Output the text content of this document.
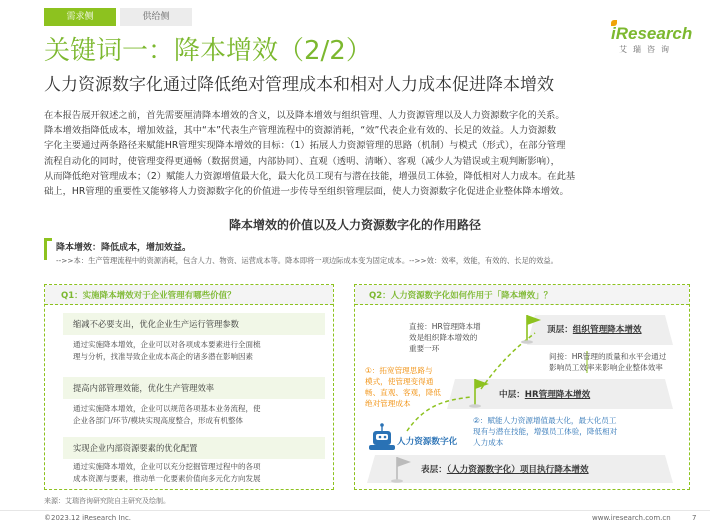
需求侧	供给侧
iResearch
艾瑞咨询
关键词一：降本增效（2/2）
人力资源数字化通过降低绝对管理成本和相对人力成本促进降本增效
在本报告展开叙述之前，首先需要厘清降本增效的含义，以及降本增效与组织管理、人力资源管理以及人力资源数字化的关系。
降本增效指降低成本，增加效益，其中“本”代表生产管理流程中的资源消耗，“效”代表企业有效的、长足的效益。人力资源数
字化主要通过两条路径来赋能HR管理实现降本增效的目标：（1）拓展人力资源管理的思路（机制）与模式（形式），在部分管理
流程自动化的同时，使管理变得更通畅（数据贯通，内部协同）、直观（透明、清晰）、客观（减少人为错误或主观判断影响），
从而降低绝对管理成本；（2）赋能人力资源增值最大化，最大化员工现有与潜在技能，增强员工体验，降低相对人力成本。在此基
础上，HR管理的重要性又能够将人力资源数字化的价值进一步传导至组织管理层面，使人力资源数字化促进企业整体降本增效。
降本增效的价值以及人力资源数字化的作用路径
降本增效：降低成本，增加效益。
-->>本：生产管理流程中的资源消耗，包含人力、物资、运营成本等。降本即将一项边际成本变为固定成本。-->>效：效率，效能，有效的、长足的效益。
Q1：实施降本增效对于企业管理有哪些价值？
缩减不必要支出，优化企业生产运行管理参数
通过实施降本增效，企业可以对各项成本要素进行全面梳
理与分析，找准导致企业成本高企的诸多潜在影响因素
提高内部管理效能，优化生产管理效率
通过实施降本增效，企业可以规范各项基本业务流程，使
企业各部门/环节/模块实现高度整合，形成有机整体
实现企业内部资源要素的优化配置
通过实施降本增效，企业可以充分挖掘管理过程中的各项
成本资源与要素，推动单一化要素价值向多元化方向发展
Q2：人力资源数字化如何作用于「降本增效」？
直接：HR管理降本增
效是组织降本增效的
重要一环
顶层：组织管理降本增效
间接：HR管理的质量和水平会通过
影响员工效率来影响企业整体效率
①：拓宽管理思路与
模式，使管理变得通
畅、直观、客观，降低
绝对管理成本
中层：HR管理降本增效
②：赋能人力资源增值最大化，最大化员工
现有与潜在技能，增强员工体验，降低相对
人力成本
人力资源数字化
表层：（人力资源数字化）项目执行降本增效
来源：艾瑞咨询研究院自主研究及绘制。
©2023.12 iResearch Inc.	www.iresearch.com.cn	7
